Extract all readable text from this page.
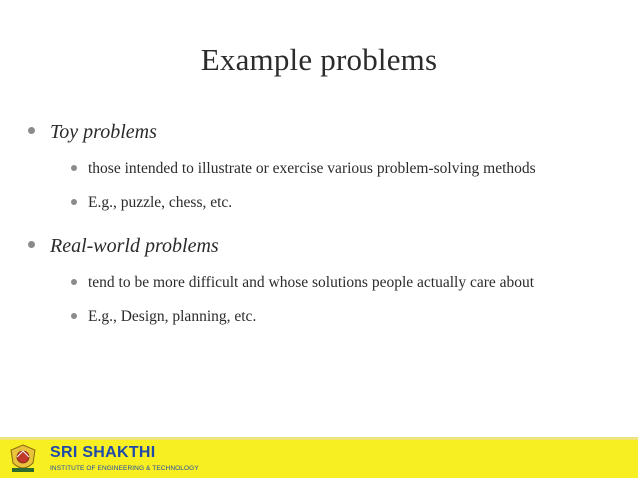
Example problems
Toy problems
those intended to illustrate or exercise various problem-solving methods
E.g., puzzle, chess, etc.
Real-world problems
tend to be more difficult and whose solutions people actually care about
E.g., Design, planning, etc.
SRI SHAKTHI
INSTITUTE OF ENGINEERING & TECHNOLOGY
